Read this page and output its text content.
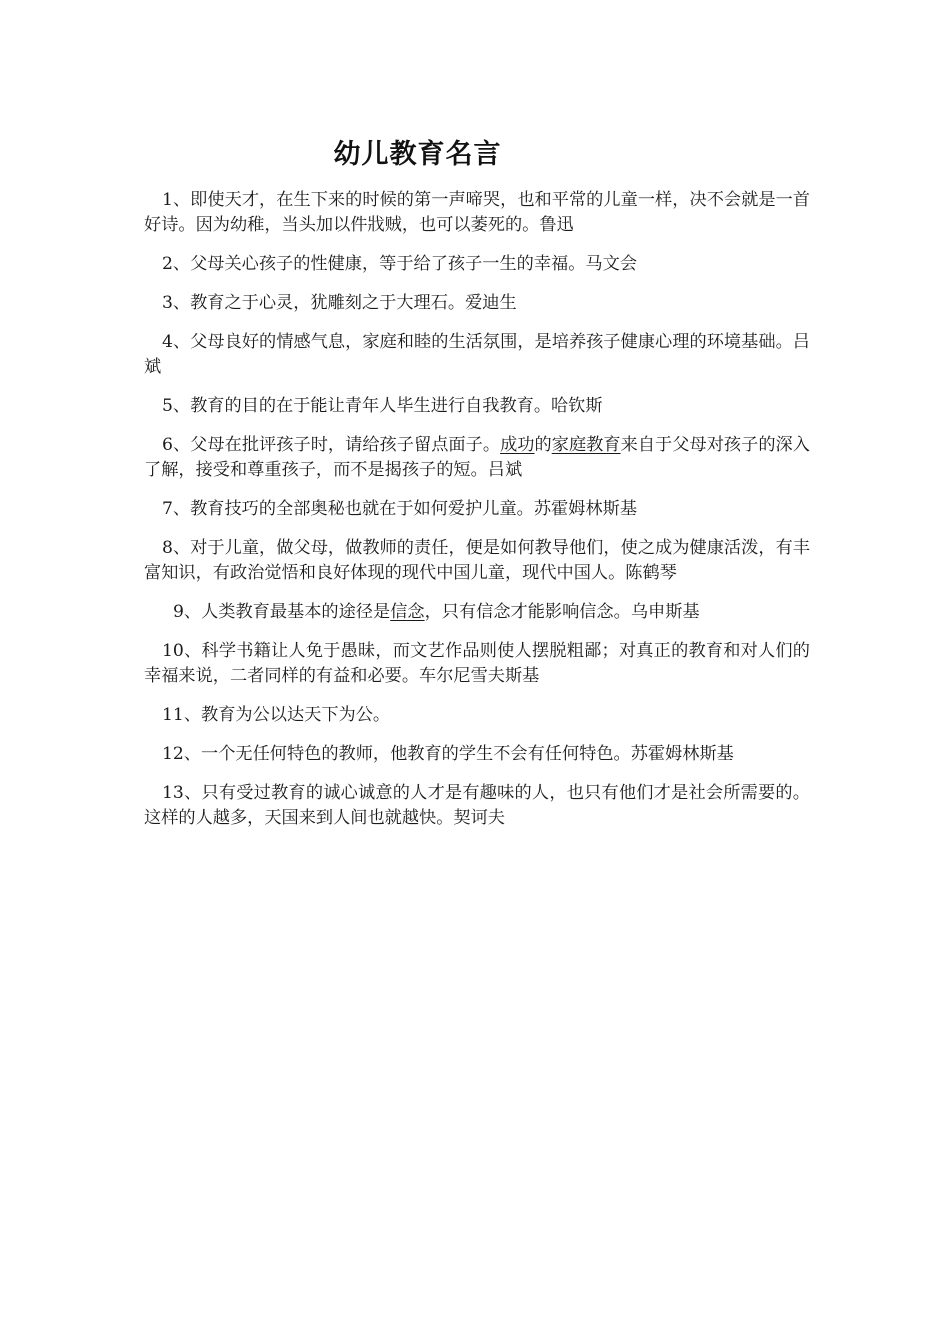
幼儿教育名言

1、即使天才，在生下来的时候的第一声啼哭，也和平常的儿童一样，决不会就是一首好诗。因为幼稚，当头加以件戕贼，也可以萎死的。鲁迅

2、父母关心孩子的性健康，等于给了孩子一生的幸福。马文会

3、教育之于心灵，犹雕刻之于大理石。爱迪生

4、父母良好的情感气息，家庭和睦的生活氛围，是培养孩子健康心理的环境基础。吕斌

5、教育的目的在于能让青年人毕生进行自我教育。哈钦斯

6、父母在批评孩子时，请给孩子留点面子。成功的家庭教育来自于父母对孩子的深入了解，接受和尊重孩子，而不是揭孩子的短。吕斌

7、教育技巧的全部奥秘也就在于如何爱护儿童。苏霍姆林斯基

8、对于儿童，做父母，做教师的责任，便是如何教导他们，使之成为健康活泼，有丰富知识，有政治觉悟和良好体现的现代中国儿童，现代中国人。陈鹤琴

9、人类教育最基本的途径是信念，只有信念才能影响信念。乌申斯基

10、科学书籍让人免于愚昧，而文艺作品则使人摆脱粗鄙；对真正的教育和对人们的幸福来说，二者同样的有益和必要。车尔尼雪夫斯基

11、教育为公以达天下为公。

12、一个无任何特色的教师，他教育的学生不会有任何特色。苏霍姆林斯基

13、只有受过教育的诚心诚意的人才是有趣味的人，也只有他们才是社会所需要的。这样的人越多，天国来到人间也就越快。契诃夫
